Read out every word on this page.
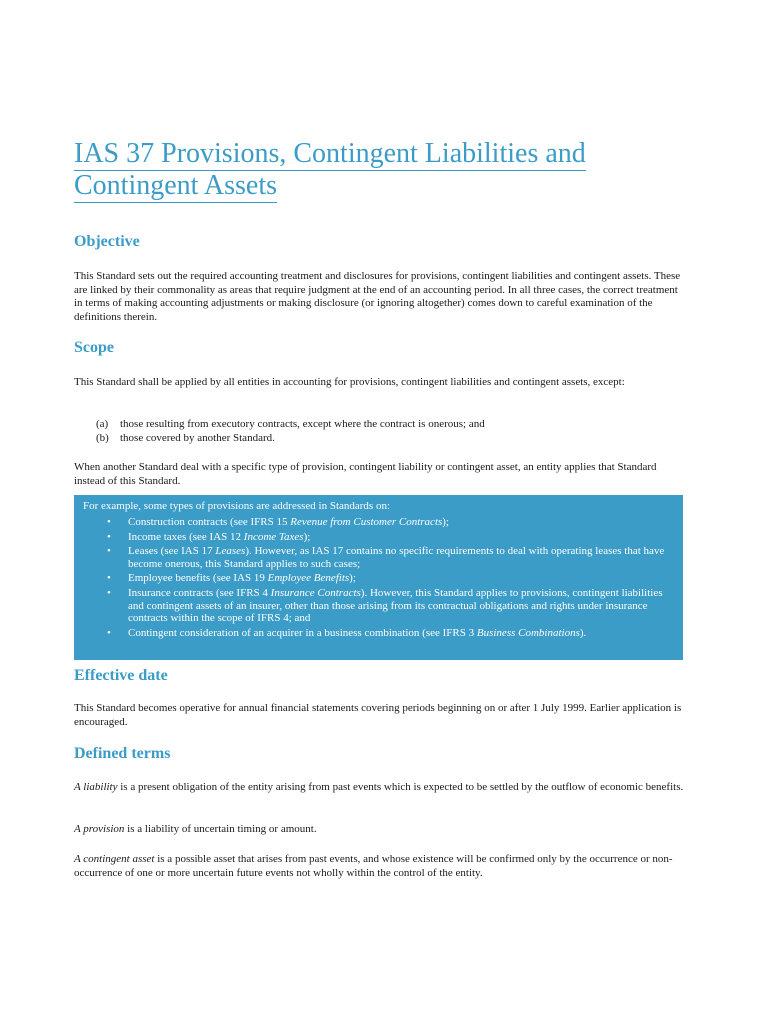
IAS 37 Provisions, Contingent Liabilities and Contingent Assets
Objective

This Standard sets out the required accounting treatment and disclosures for provisions, contingent liabilities and contingent assets. These are linked by their commonality as areas that require judgment at the end of an accounting period. In all three cases, the correct treatment in terms of making accounting adjustments or making disclosure (or ignoring altogether) comes down to careful examination of the definitions therein.

Scope

This Standard shall be applied by all entities in accounting for provisions, contingent liabilities and contingent assets, except:

(a)	those resulting from executory contracts, except where the contract is onerous; and
(b)	those covered by another Standard.

When another Standard deal with a specific type of provision, contingent liability or contingent asset, an entity applies that Standard instead of this Standard.

For example, some types of provisions are addressed in Standards on:

•	Construction contracts (see IFRS 15 Revenue from Customer Contracts);
•	Income taxes (see IAS 12 Income Taxes);
•	Leases (see IAS 17 Leases). However, as IAS 17 contains no specific requirements to deal with operating leases that have become onerous, this Standard applies to such cases;
•	Employee benefits (see IAS 19 Employee Benefits);
•	Insurance contracts (see IFRS 4 Insurance Contracts). However, this Standard applies to provisions, contingent liabilities and contingent assets of an insurer, other than those arising from its contractual obligations and rights under insurance contracts within the scope of IFRS 4; and
•	Contingent consideration of an acquirer in a business combination (see IFRS 3 Business Combinations).
Effective date

This Standard becomes operative for annual financial statements covering periods beginning on or after 1 July 1999. Earlier application is encouraged.

Defined terms

A liability is a present obligation of the entity arising from past events which is expected to be settled by the outflow of economic benefits.

A provision is a liability of uncertain timing or amount.

A contingent asset is a possible asset that arises from past events, and whose existence will be confirmed only by the occurrence or non-occurrence of one or more uncertain future events not wholly within the control of the entity.
